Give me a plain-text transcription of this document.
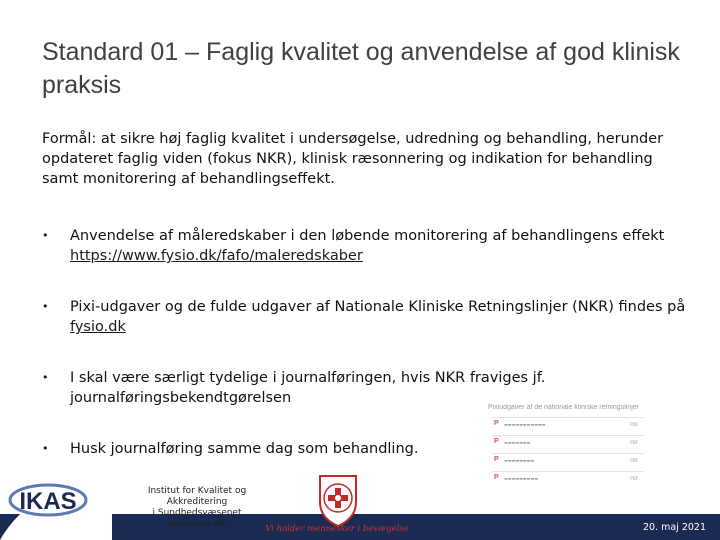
Standard 01 – Faglig kvalitet og anvendelse af god klinisk praksis
Formål: at sikre høj faglig kvalitet i undersøgelse, udredning og behandling, herunder opdateret faglig viden (fokus NKR), klinisk ræsonnering og indikation for behandling samt monitorering af behandlingseffekt.
• Anvendelse af måleredskaber i den løbende monitorering af behandlingens effekt https://www.fysio.dk/fafo/maleredskaber
• Pixi-udgaver og de fulde udgaver af Nationale Kliniske Retningslinjer (NKR) findes på fysio.dk
• I skal være særligt tydelige i journalføringen, hvis NKR fraviges jf. journalføringsbekendtgørelsen
• Husk journalføring samme dag som behandling.
Pixiudgaver af de nationale kliniske retningslinjer
P ▬▬▬▬▬▬▬▬▬▬▬	PDF
P ▬▬▬▬▬▬▬	PDF
P ▬▬▬▬▬▬▬▬	PDF
P ▬▬▬▬▬▬▬▬▬	PDF
IKAS	Institut for Kvalitet og Akkreditering
i Sundhedsvæsenet
www.ikas.dk	Vi holder mennesker i bevægelse	20. maj 2021
